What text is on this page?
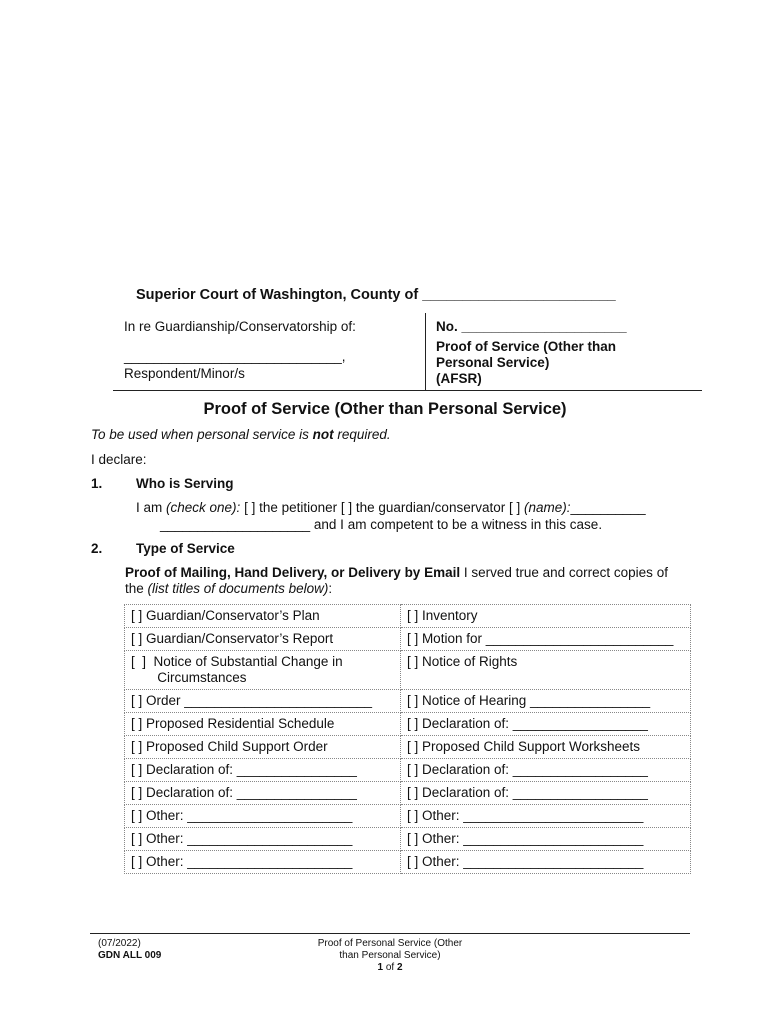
Superior Court of Washington, County of ________________________
In re Guardianship/Conservatorship of:
_____________________________,
Respondent/Minor/s
No. ______________________
Proof of Service (Other than
Personal Service)
(AFSR)
Proof of Service (Other than Personal Service)
To be used when personal service is not required.
I declare:
1. Who is Serving
I am (check one): [ ] the petitioner [ ] the guardian/conservator [ ] (name):__________
____________________ and I am competent to be a witness in this case.
2. Type of Service
Proof of Mailing, Hand Delivery, or Delivery by Email I served true and correct copies of
the (list titles of documents below):
[ ] Guardian/Conservator’s Plan	[ ] Inventory
[ ] Guardian/Conservator’s Report	[ ] Motion for _________________________
[  ]  Notice of Substantial Change in
Circumstances	[ ] Notice of Rights
[ ] Order _________________________	[ ] Notice of Hearing ________________
[ ] Proposed Residential Schedule	[ ] Declaration of: __________________
[ ] Proposed Child Support Order	[ ] Proposed Child Support Worksheets
[ ] Declaration of: ________________	[ ] Declaration of: __________________
[ ] Declaration of: ________________	[ ] Declaration of: __________________
[ ] Other: ______________________	[ ] Other: ________________________
[ ] Other: ______________________	[ ] Other: ________________________
[ ] Other: ______________________	[ ] Other: ________________________
(07/2022)
GDN ALL 009
Proof of Personal Service (Other
than Personal Service)
1 of 2
